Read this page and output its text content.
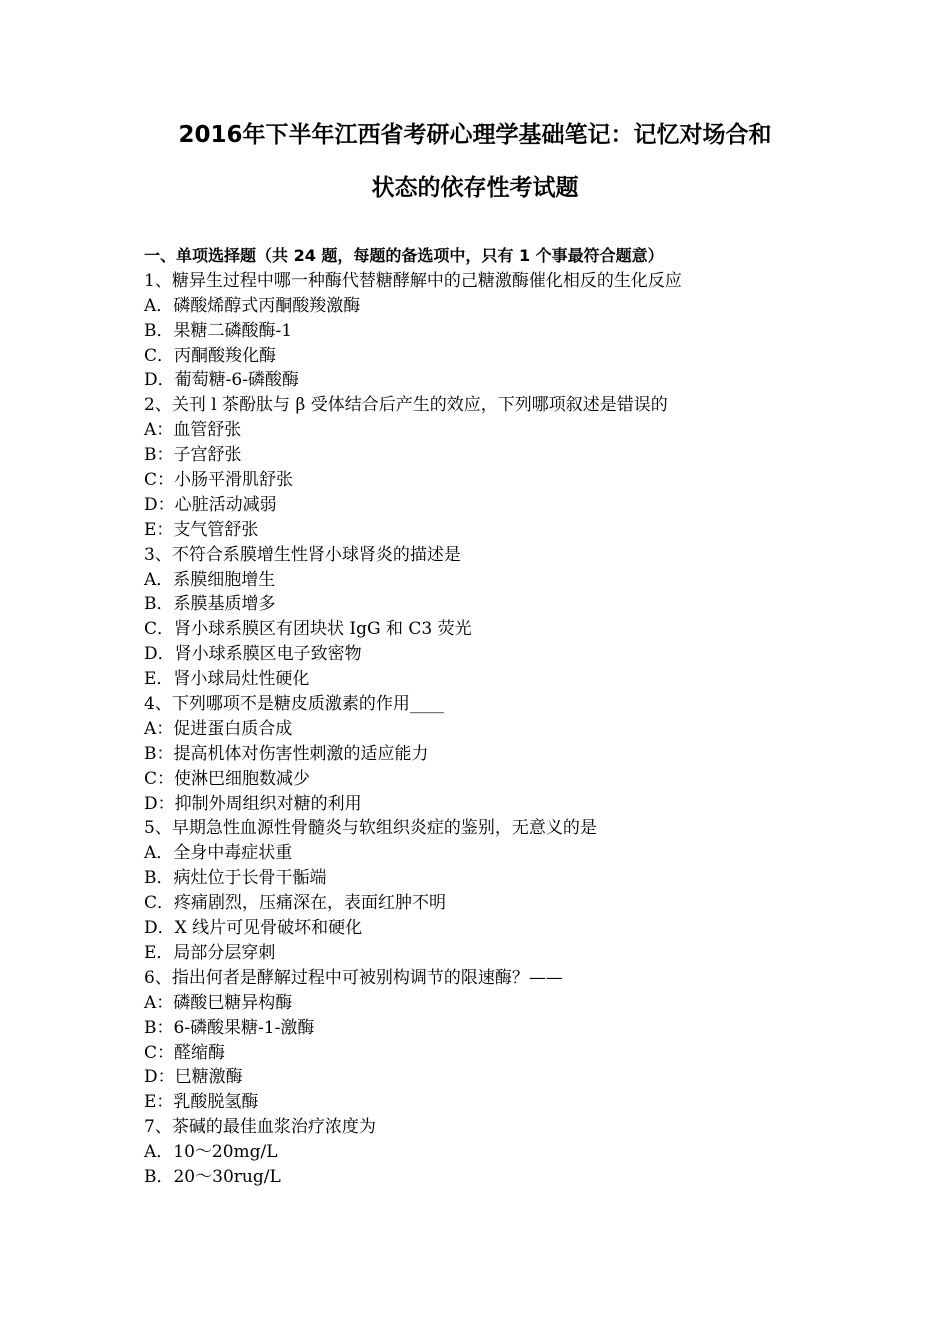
2016年下半年江西省考研心理学基础笔记：记忆对场合和
状态的依存性考试题
一、单项选择题（共 24 题，每题的备选项中，只有 1 个事最符合题意）
1、糖异生过程中哪一种酶代替糖酵解中的己糖激酶催化相反的生化反应
A．磷酸烯醇式丙酮酸羧激酶
B．果糖二磷酸酶-1
C．丙酮酸羧化酶
D．葡萄糖-6-磷酸酶
2、关刊 l 茶酚肽与 β 受体结合后产生的效应，下列哪项叙述是错误的
A：血管舒张
B：子宫舒张
C：小肠平滑肌舒张
D：心脏活动减弱
E：支气管舒张
3、不符合系膜增生性肾小球肾炎的描述是
A．系膜细胞增生
B．系膜基质增多
C．肾小球系膜区有团块状 IgG 和 C3 荧光
D．肾小球系膜区电子致密物
E．肾小球局灶性硬化
4、下列哪项不是糖皮质激素的作用____
A：促进蛋白质合成
B：提高机体对伤害性刺激的适应能力
C：使淋巴细胞数减少
D：抑制外周组织对糖的利用
5、早期急性血源性骨髓炎与软组织炎症的鉴别，无意义的是
A．全身中毒症状重
B．病灶位于长骨干骺端
C．疼痛剧烈，压痛深在，表面红肿不明
D．X 线片可见骨破坏和硬化
E．局部分层穿刺
6、指出何者是酵解过程中可被别构调节的限速酶？——
A：磷酸巳糖异构酶
B：6-磷酸果糖-1-激酶
C：醛缩酶
D：巳糖激酶
E：乳酸脱氢酶
7、茶碱的最佳血浆治疗浓度为
A．10～20mg/L
B．20～30rug/L
